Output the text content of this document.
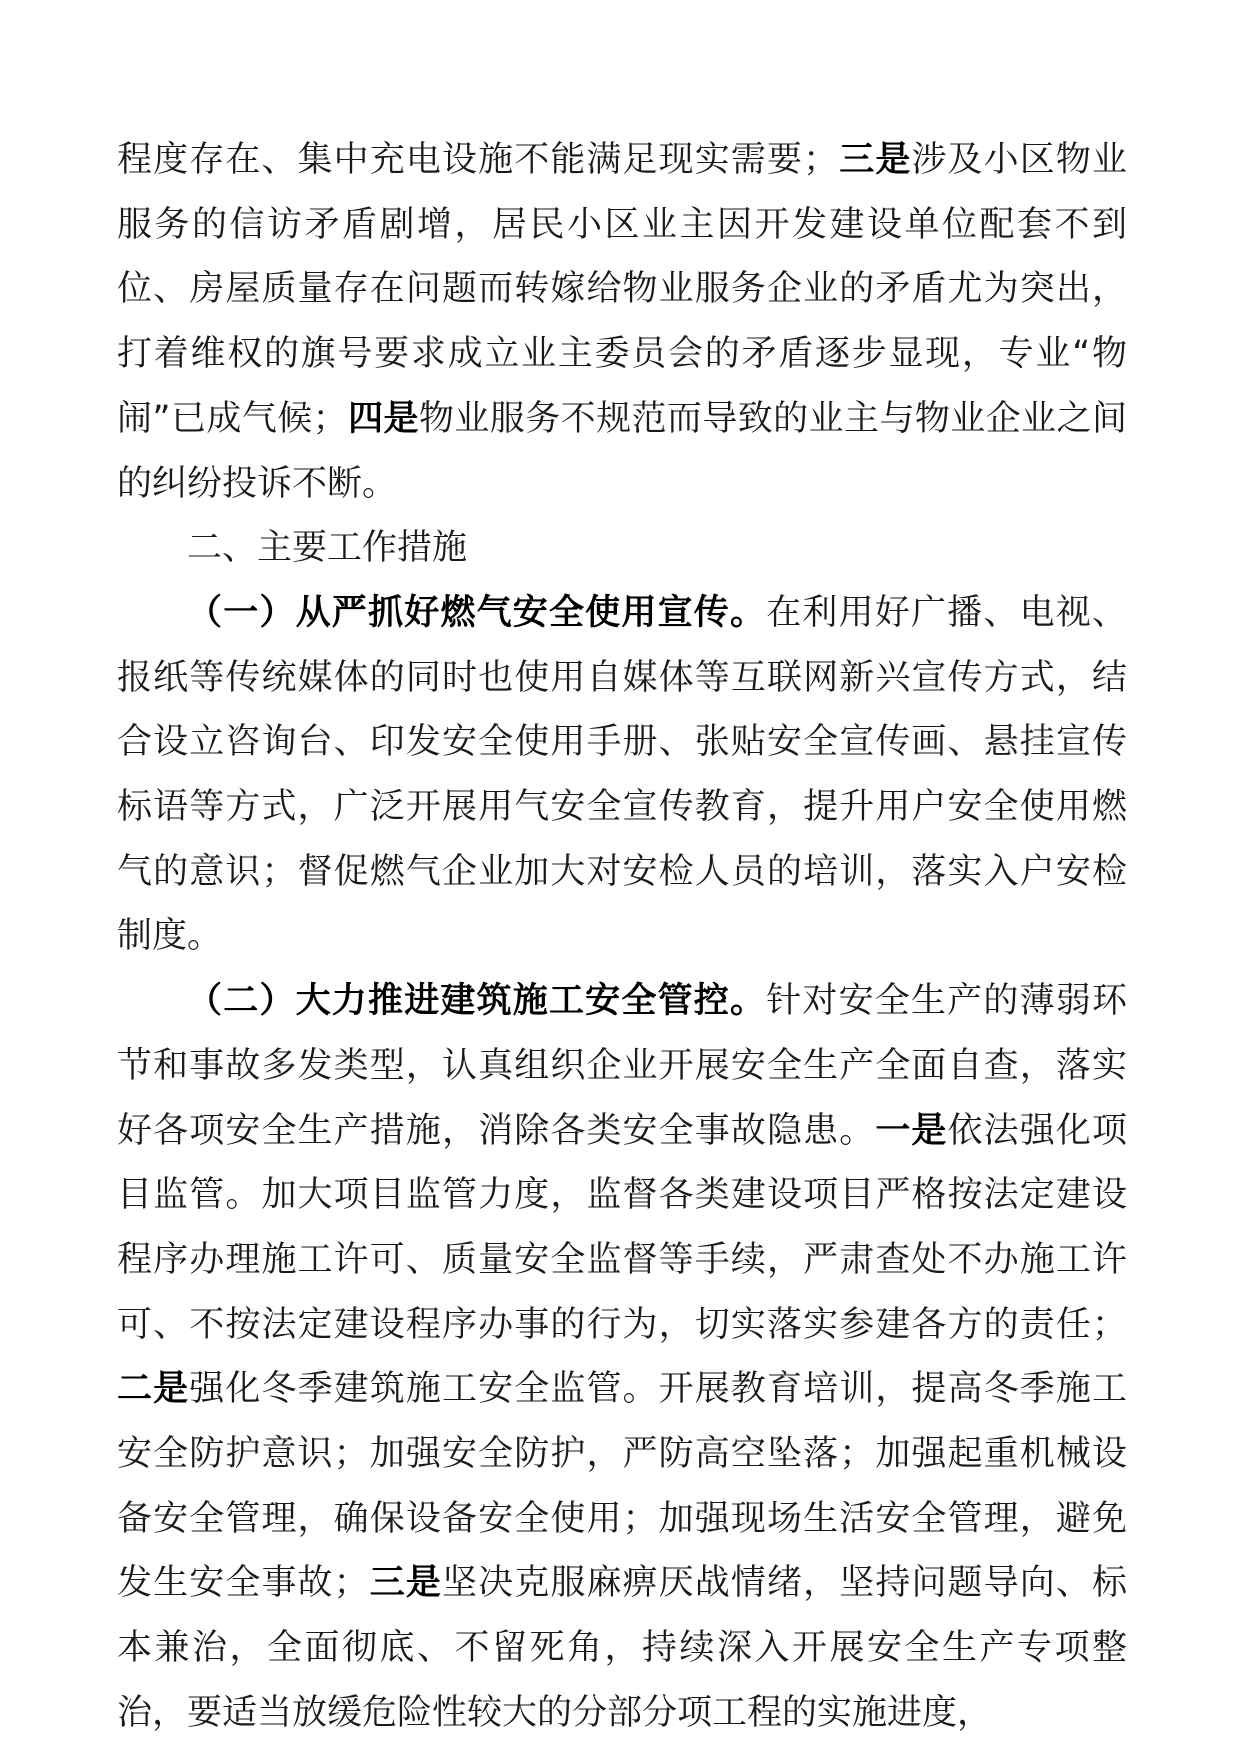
程度存在、集中充电设施不能满足现实需要；三是涉及小区物业服务的信访矛盾剧增，居民小区业主因开发建设单位配套不到位、房屋质量存在问题而转嫁给物业服务企业的矛盾尤为突出，打着维权的旗号要求成立业主委员会的矛盾逐步显现，专业“物闹”已成气候；四是物业服务不规范而导致的业主与物业企业之间的纠纷投诉不断。

二、主要工作措施

（一）从严抓好燃气安全使用宣传。在利用好广播、电视、报纸等传统媒体的同时也使用自媒体等互联网新兴宣传方式，结合设立咨询台、印发安全使用手册、张贴安全宣传画、悬挂宣传标语等方式，广泛开展用气安全宣传教育，提升用户安全使用燃气的意识；督促燃气企业加大对安检人员的培训，落实入户安检制度。

（二）大力推进建筑施工安全管控。针对安全生产的薄弱环节和事故多发类型，认真组织企业开展安全生产全面自查，落实好各项安全生产措施，消除各类安全事故隐患。一是依法强化项目监管。加大项目监管力度，监督各类建设项目严格按法定建设程序办理施工许可、质量安全监督等手续，严肃查处不办施工许可、不按法定建设程序办事的行为，切实落实参建各方的责任；二是强化冬季建筑施工安全监管。开展教育培训，提高冬季施工安全防护意识；加强安全防护，严防高空坠落；加强起重机械设备安全管理，确保设备安全使用；加强现场生活安全管理，避免发生安全事故；三是坚决克服麻痹厌战情绪，坚持问题导向、标本兼治，全面彻底、不留死角，持续深入开展安全生产专项整治，要适当放缓危险性较大的分部分项工程的实施进度，
